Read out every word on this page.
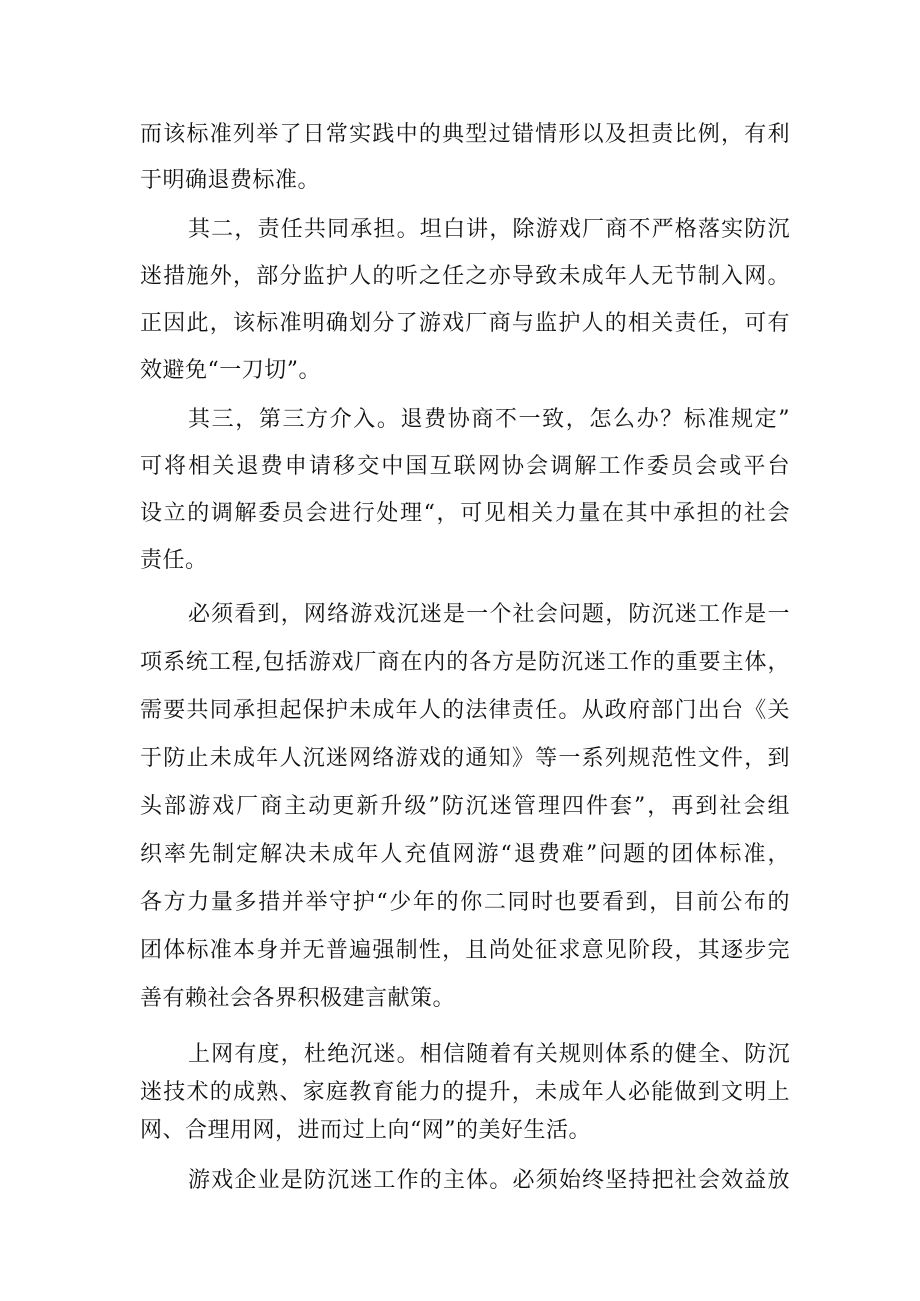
而该标准列举了日常实践中的典型过错情形以及担责比例，有利
于明确退费标准。
其二，责任共同承担。坦白讲，除游戏厂商不严格落实防沉
迷措施外，部分监护人的听之任之亦导致未成年人无节制入网。
正因此，该标准明确划分了游戏厂商与监护人的相关责任，可有
效避免“一刀切”。
其三，第三方介入。退费协商不一致，怎么办？标准规定”
可将相关退费申请移交中国互联网协会调解工作委员会或平台
设立的调解委员会进行处理“，可见相关力量在其中承担的社会
责任。
必须看到，网络游戏沉迷是一个社会问题，防沉迷工作是一
项系统工程,包括游戏厂商在内的各方是防沉迷工作的重要主体，
需要共同承担起保护未成年人的法律责任。从政府部门出台《关
于防止未成年人沉迷网络游戏的通知》等一系列规范性文件，到
头部游戏厂商主动更新升级”防沉迷管理四件套”，再到社会组
织率先制定解决未成年人充值网游“退费难”问题的团体标准，
各方力量多措并举守护“少年的你二同时也要看到，目前公布的
团体标准本身并无普遍强制性，且尚处征求意见阶段，其逐步完
善有赖社会各界积极建言献策。
上网有度，杜绝沉迷。相信随着有关规则体系的健全、防沉
迷技术的成熟、家庭教育能力的提升，未成年人必能做到文明上
网、合理用网，进而过上向“网”的美好生活。
游戏企业是防沉迷工作的主体。必须始终坚持把社会效益放
